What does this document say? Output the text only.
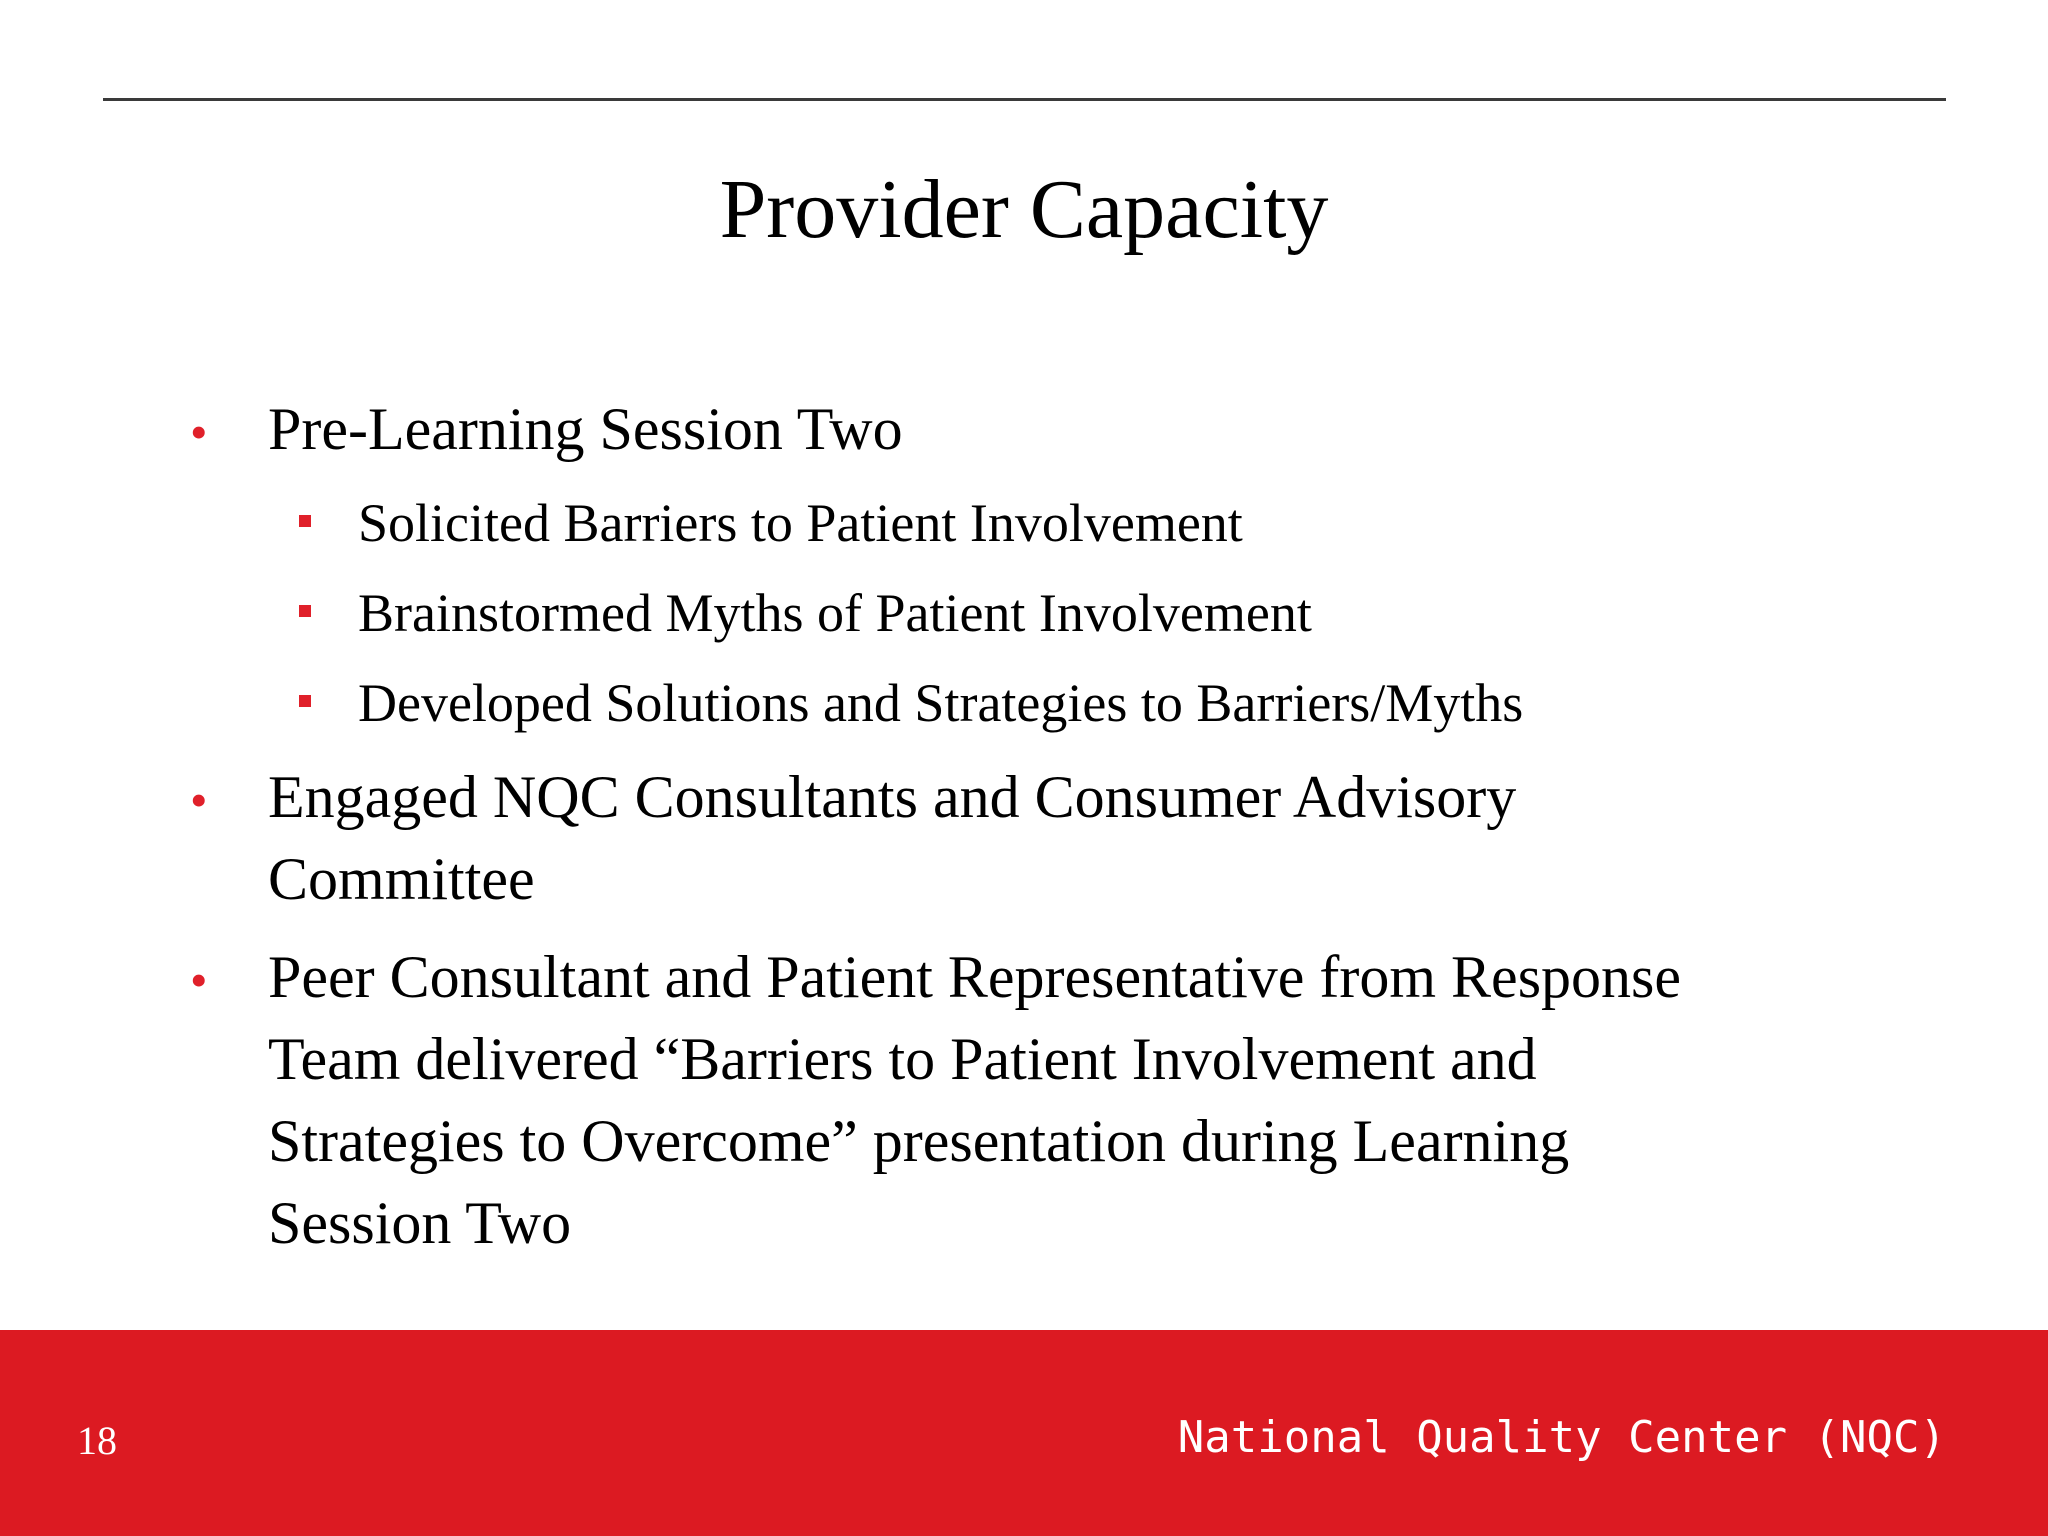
Provider Capacity
• Pre-Learning Session Two
Solicited Barriers to Patient Involvement
Brainstormed Myths of Patient Involvement
Developed Solutions and Strategies to Barriers/Myths
• Engaged NQC Consultants and Consumer Advisory
Committee
• Peer Consultant and Patient Representative from Response
Team delivered “Barriers to Patient Involvement and
Strategies to Overcome” presentation during Learning
Session Two
18	National Quality Center (NQC)
